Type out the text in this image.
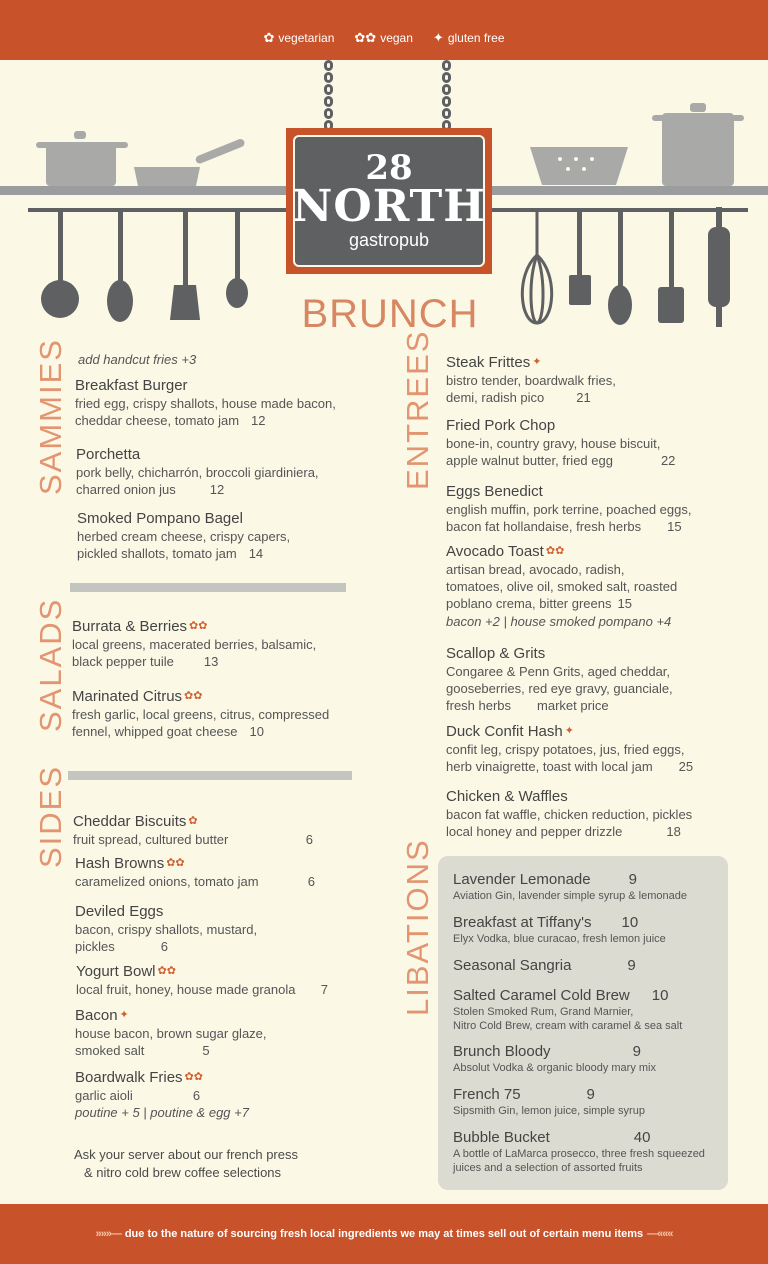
✿ vegetarian ✿✿ vegan ✦ gluten free
28
NORTH
gastropub
BRUNCH
SAMMIES
SALADS
SIDES
ENTREES
LIBATIONS
add handcut fries +3
Breakfast Burger
fried egg, crispy shallots, house made bacon,
cheddar cheese, tomato jam 12
Porchetta
pork belly, chicharrón, broccoli giardiniera,
charred onion jus	12
Smoked Pompano Bagel
herbed cream cheese, crispy capers,
pickled shallots, tomato jam 14
Burrata & Berries ✿✿
local greens, macerated berries, balsamic,
black pepper tuile 13
Marinated Citrus ✿✿
fresh garlic, local greens, citrus, compressed
fennel, whipped goat cheese 10
Cheddar Biscuits ✿
fruit spread, cultured butter	6
Hash Browns ✿✿
caramelized onions, tomato jam	6
Deviled Eggs
bacon, crispy shallots, mustard,
pickles	6
Yogurt Bowl ✿✿
local fruit, honey, house made granola 7
Bacon ✦
house bacon, brown sugar glaze,
smoked salt	5
Boardwalk Fries ✿✿
garlic aioli	6
poutine + 5 | poutine & egg +7
Ask your server about our french press
& nitro cold brew coffee selections
Steak Frittes ✦
bistro tender, boardwalk fries,
demi, radish pico 21
Fried Pork Chop
bone-in, country gravy, house biscuit,
apple walnut butter, fried egg	22
Eggs Benedict
english muffin, pork terrine, poached eggs,
bacon fat hollandaise, fresh herbs 15
Avocado Toast ✿✿
artisan bread, avocado, radish,
tomatoes, olive oil, smoked salt, roasted
poblano crema, bitter greens 15
bacon +2 | house smoked pompano +4
Scallop & Grits
Congaree & Penn Grits, aged cheddar,
gooseberries, red eye gravy, guanciale,
fresh herbs market price
Duck Confit Hash ✦
confit leg, crispy potatoes, jus, fried eggs,
herb vinaigrette, toast with local jam 25
Chicken & Waffles
bacon fat waffle, chicken reduction, pickles
local honey and pepper drizzle	18
Lavender Lemonade	9
Aviation Gin, lavender simple syrup & lemonade
Breakfast at Tiffany's 10
Elyx Vodka, blue curacao, fresh lemon juice
Seasonal Sangria	9
Salted Caramel Cold Brew 10
Stolen Smoked Rum, Grand Marnier,
Nitro Cold Brew, cream with caramel & sea salt
Brunch Bloody	9
Absolut Vodka & organic bloody mary mix
French 75	9
Sipsmith Gin, lemon juice, simple syrup
Bubble Bucket	40
A bottle of LaMarca prosecco, three fresh squeezed
juices and a selection of assorted fruits
»»»— due to the nature of sourcing fresh local ingredients we may at times sell out of certain menu items —«««
